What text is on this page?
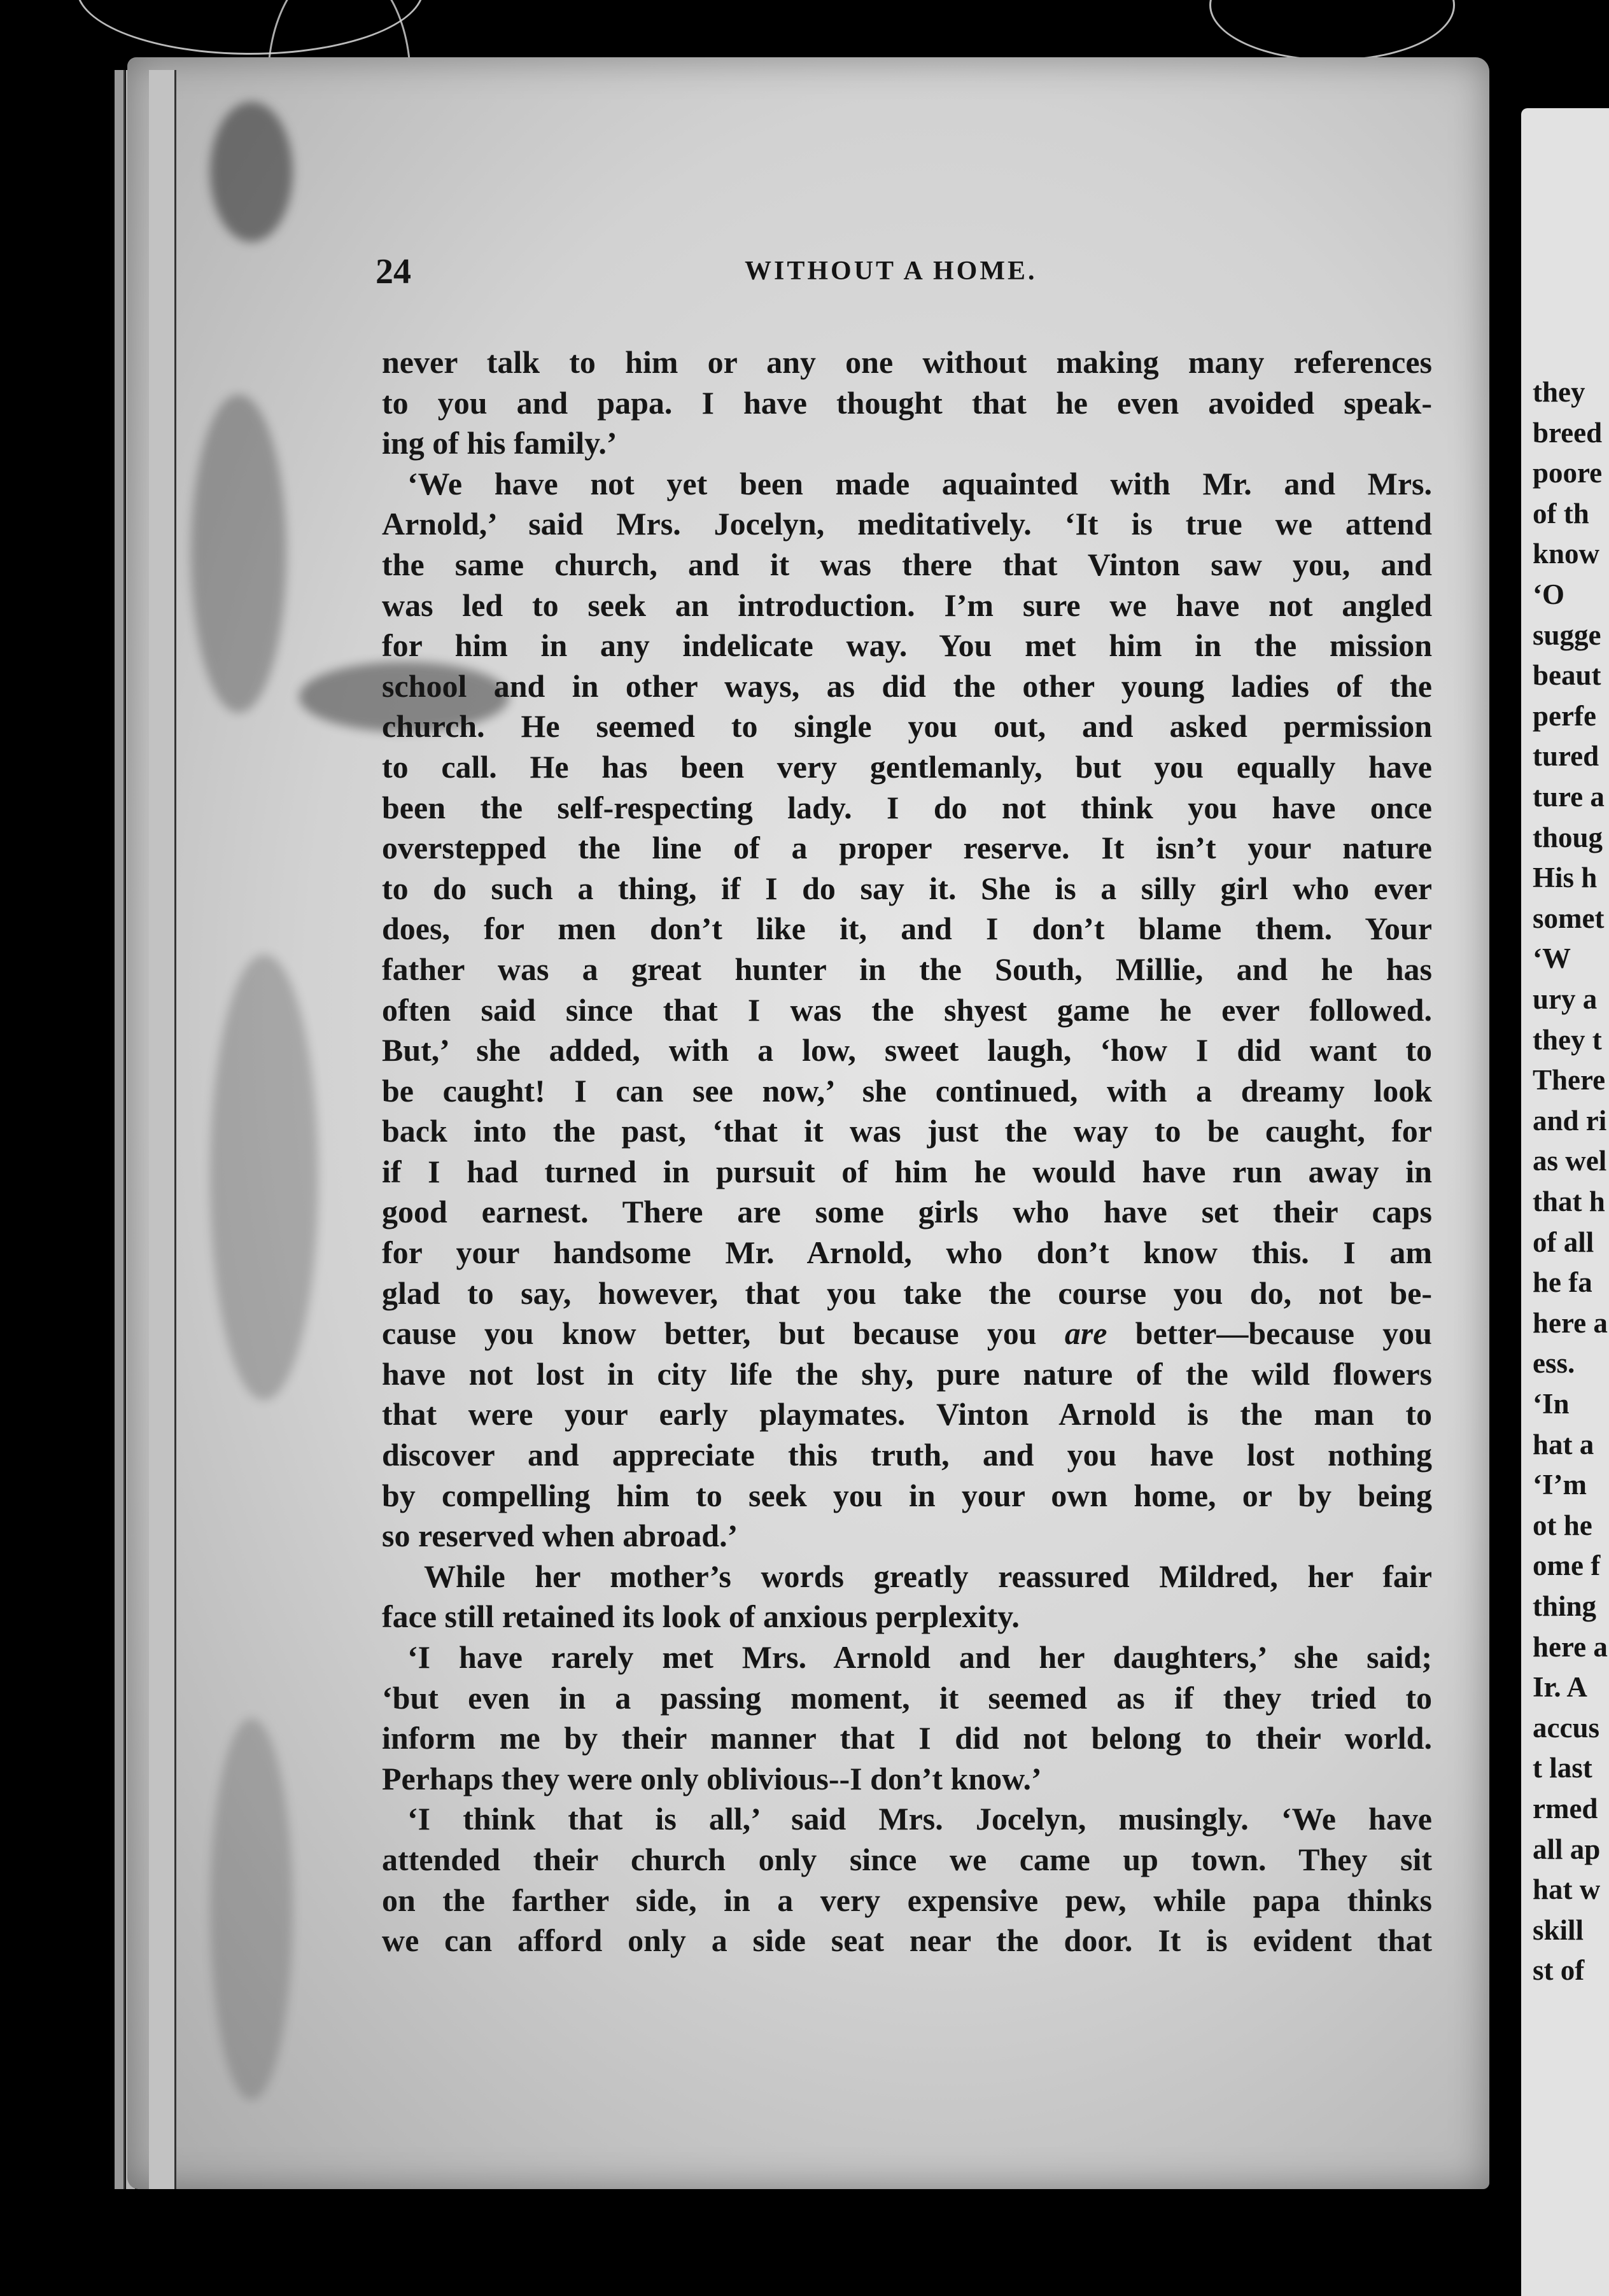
they
breed
poore
of th
know
‘O
sugge
beaut
perfe
tured
ture a
thoug
His h
somet
‘W
ury a
they t
There
and ri
as wel
that h
of all
he fa
here a
ess.
‘In
hat a
‘I’m
ot he
ome f
thing
here a
Ir. A
accus
t last
rmed
all ap
hat w
skill
st of
24	WITHOUT A HOME.
never talk to him or any one without making many references
to you and papa. I have thought that he even avoided speak-
ing of his family.’
‘We have not yet been made aquainted with Mr. and Mrs.
Arnold,’ said Mrs. Jocelyn, meditatively. ‘It is true we attend
the same church, and it was there that Vinton saw you, and
was led to seek an introduction. I’m sure we have not angled
for him in any indelicate way. You met him in the mission
school and in other ways, as did the other young ladies of the
church. He seemed to single you out, and asked permission
to call. He has been very gentlemanly, but you equally have
been the self-respecting lady. I do not think you have once
overstepped the line of a proper reserve. It isn’t your nature
to do such a thing, if I do say it. She is a silly girl who ever
does, for men don’t like it, and I don’t blame them. Your
father was a great hunter in the South, Millie, and he has
often said since that I was the shyest game he ever followed.
But,’ she added, with a low, sweet laugh, ‘how I did want to
be caught! I can see now,’ she continued, with a dreamy look
back into the past, ‘that it was just the way to be caught, for
if I had turned in pursuit of him he would have run away in
good earnest. There are some girls who have set their caps
for your handsome Mr. Arnold, who don’t know this. I am
glad to say, however, that you take the course you do, not be-
cause you know better, but because you are better—because you
have not lost in city life the shy, pure nature of the wild flowers
that were your early playmates. Vinton Arnold is the man to
discover and appreciate this truth, and you have lost nothing
by compelling him to seek you in your own home, or by being
so reserved when abroad.’
While her mother’s words greatly reassured Mildred, her fair
face still retained its look of anxious perplexity.
‘I have rarely met Mrs. Arnold and her daughters,’ she said;
‘but even in a passing moment, it seemed as if they tried to
inform me by their manner that I did not belong to their world.
Perhaps they were only oblivious--I don’t know.’
‘I think that is all,’ said Mrs. Jocelyn, musingly. ‘We have
attended their church only since we came up town. They sit
on the farther side, in a very expensive pew, while papa thinks
we can afford only a side seat near the door. It is evident that
